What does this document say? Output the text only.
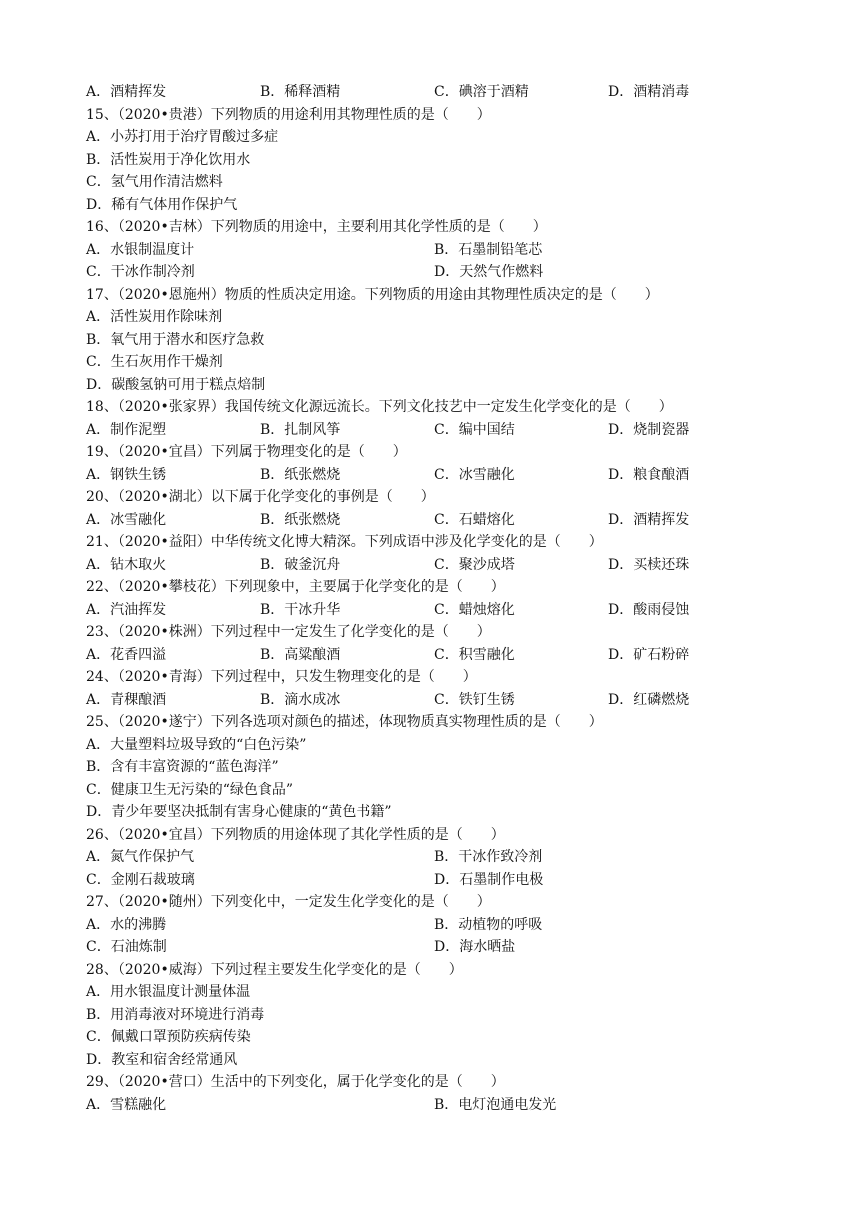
A．酒精挥发	B．稀释酒精	C．碘溶于酒精	D．酒精消毒
15、（2020•贵港）下列物质的用途利用其物理性质的是（　　）
A．小苏打用于治疗胃酸过多症
B．活性炭用于净化饮用水
C．氢气用作清洁燃料
D．稀有气体用作保护气
16、（2020•吉林）下列物质的用途中，主要利用其化学性质的是（　　）
A．水银制温度计	B．石墨制铅笔芯
C．干冰作制冷剂	D．天然气作燃料
17、（2020•恩施州）物质的性质决定用途。下列物质的用途由其物理性质决定的是（　　）
A．活性炭用作除味剂
B．氧气用于潜水和医疗急救
C．生石灰用作干燥剂
D．碳酸氢钠可用于糕点焙制
18、（2020•张家界）我国传统文化源远流长。下列文化技艺中一定发生化学变化的是（　　）
A．制作泥塑	B．扎制风筝	C．编中国结	D．烧制瓷器
19、（2020•宜昌）下列属于物理变化的是（　　）
A．钢铁生锈	B．纸张燃烧	C．冰雪融化	D．粮食酿酒
20、（2020•湖北）以下属于化学变化的事例是（　　）
A．冰雪融化	B．纸张燃烧	C．石蜡熔化	D．酒精挥发
21、（2020•益阳）中华传统文化博大精深。下列成语中涉及化学变化的是（　　）
A．钻木取火	B．破釜沉舟	C．聚沙成塔	D．买椟还珠
22、（2020•攀枝花）下列现象中，主要属于化学变化的是（　　）
A．汽油挥发	B．干冰升华	C．蜡烛熔化	D．酸雨侵蚀
23、（2020•株洲）下列过程中一定发生了化学变化的是（　　）
A．花香四溢	B．高粱酿酒	C．积雪融化	D．矿石粉碎
24、（2020•青海）下列过程中，只发生物理变化的是（　　）
A．青稞酿酒	B．滴水成冰	C．铁钉生锈	D．红磷燃烧
25、（2020•遂宁）下列各选项对颜色的描述，体现物质真实物理性质的是（　　）
A．大量塑料垃圾导致的“白色污染”
B．含有丰富资源的“蓝色海洋”
C．健康卫生无污染的“绿色食品”
D．青少年要坚决抵制有害身心健康的“黄色书籍”
26、（2020•宜昌）下列物质的用途体现了其化学性质的是（　　）
A．氮气作保护气	B．干冰作致冷剂
C．金刚石裁玻璃	D．石墨制作电极
27、（2020•随州）下列变化中，一定发生化学变化的是（　　）
A．水的沸腾	B．动植物的呼吸
C．石油炼制	D．海水晒盐
28、（2020•威海）下列过程主要发生化学变化的是（　　）
A．用水银温度计测量体温
B．用消毒液对环境进行消毒
C．佩戴口罩预防疾病传染
D．教室和宿舍经常通风
29、（2020•营口）生活中的下列变化，属于化学变化的是（　　）
A．雪糕融化	B．电灯泡通电发光
